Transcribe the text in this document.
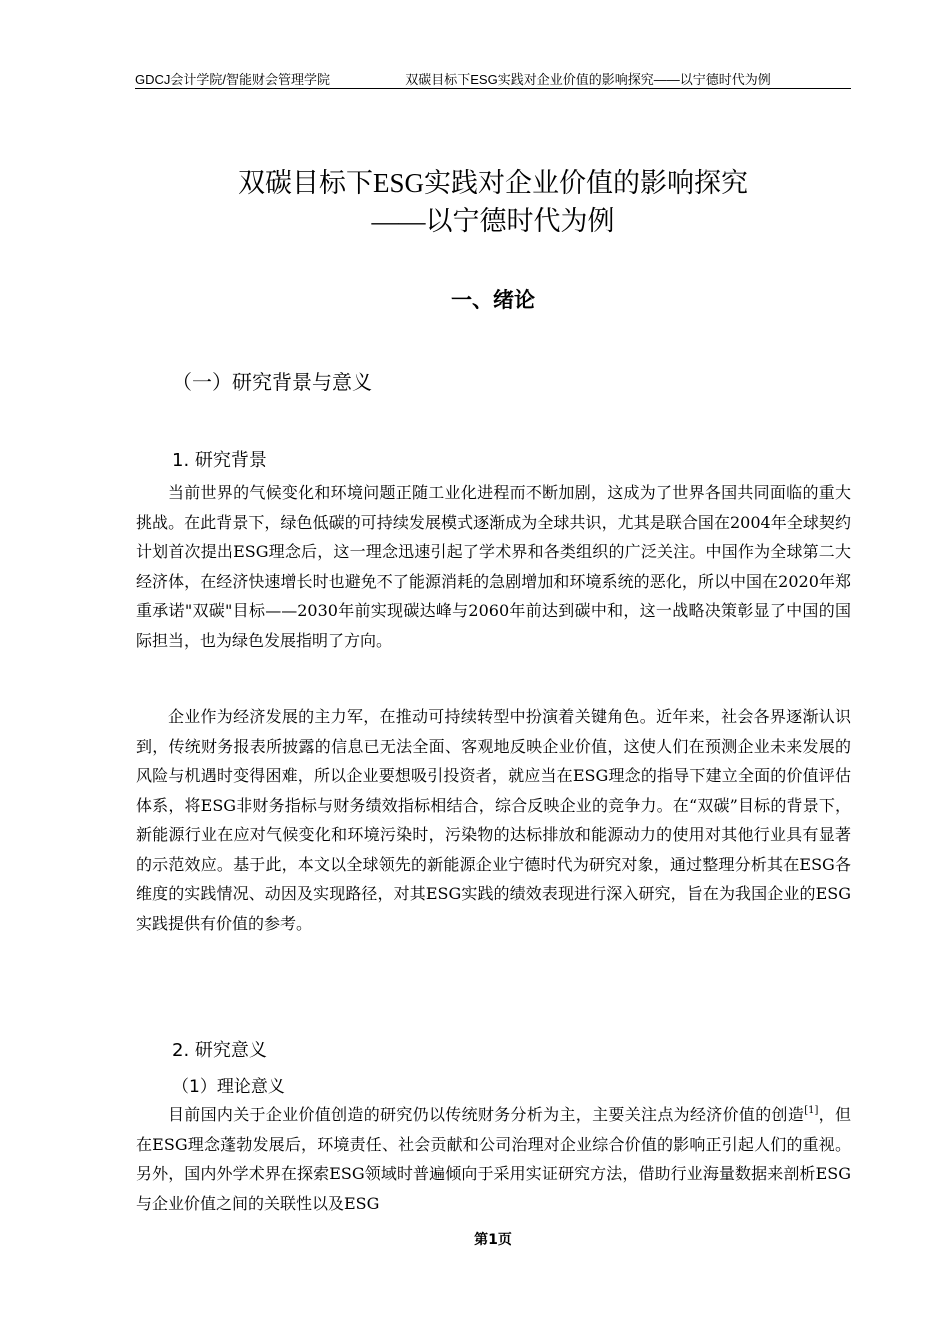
GDCJ会计学院/智能财会管理学院	双碳目标下ESG实践对企业价值的影响探究——以宁德时代为例
双碳目标下ESG实践对企业价值的影响探究
——以宁德时代为例
一、绪论
（一）研究背景与意义
1. 研究背景

当前世界的气候变化和环境问题正随工业化进程而不断加剧，这成为了世界各国共同面临的重大挑战。在此背景下，绿色低碳的可持续发展模式逐渐成为全球共识，尤其是联合国在2004年全球契约计划首次提出ESG理念后，这一理念迅速引起了学术界和各类组织的广泛关注。中国作为全球第二大经济体，在经济快速增长时也避免不了能源消耗的急剧增加和环境系统的恶化，所以中国在2020年郑重承诺"双碳"目标——2030年前实现碳达峰与2060年前达到碳中和，这一战略决策彰显了中国的国际担当，也为绿色发展指明了方向。

企业作为经济发展的主力军，在推动可持续转型中扮演着关键角色。近年来，社会各界逐渐认识到，传统财务报表所披露的信息已无法全面、客观地反映企业价值，这使人们在预测企业未来发展的风险与机遇时变得困难，所以企业要想吸引投资者，就应当在ESG理念的指导下建立全面的价值评估体系，将ESG非财务指标与财务绩效指标相结合，综合反映企业的竞争力。在“双碳”目标的背景下，新能源行业在应对气候变化和环境污染时，污染物的达标排放和能源动力的使用对其他行业具有显著的示范效应。基于此，本文以全球领先的新能源企业宁德时代为研究对象，通过整理分析其在ESG各维度的实践情况、动因及实现路径，对其ESG实践的绩效表现进行深入研究，旨在为我国企业的ESG实践提供有价值的参考。

2. 研究意义
（1）理论意义

目前国内关于企业价值创造的研究仍以传统财务分析为主，主要关注点为经济价值的创造[1]，但在ESG理念蓬勃发展后，环境责任、社会贡献和公司治理对企业综合价值的影响正引起人们的重视。另外，国内外学术界在探索ESG领域时普遍倾向于采用实证研究方法，借助行业海量数据来剖析ESG与企业价值之间的关联性以及ESG

第1页
